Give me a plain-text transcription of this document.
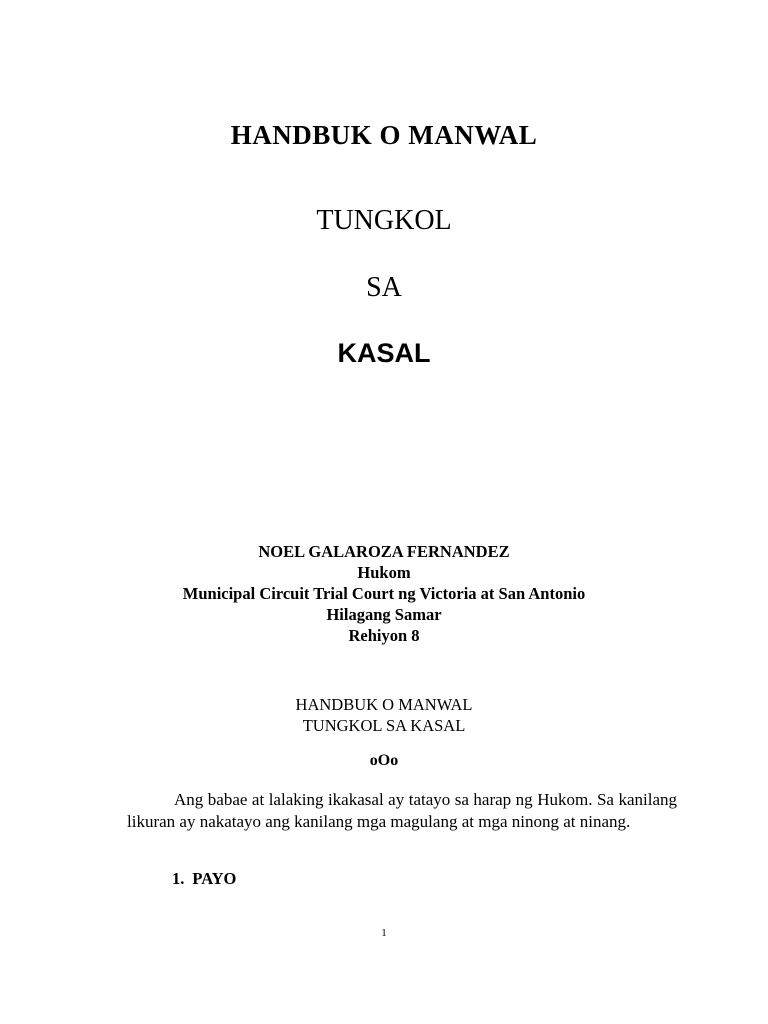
HANDBUK O MANWAL
TUNGKOL
SA
KASAL
NOEL GALAROZA FERNANDEZ
Hukom
Municipal Circuit Trial Court ng Victoria at San Antonio
Hilagang Samar
Rehiyon 8
HANDBUK O MANWAL
TUNGKOL SA KASAL
oOo
Ang babae at lalaking ikakasal ay tatayo sa harap ng Hukom. Sa kanilang likuran ay nakatayo ang kanilang mga magulang at mga ninong at ninang.
1. PAYO
1
